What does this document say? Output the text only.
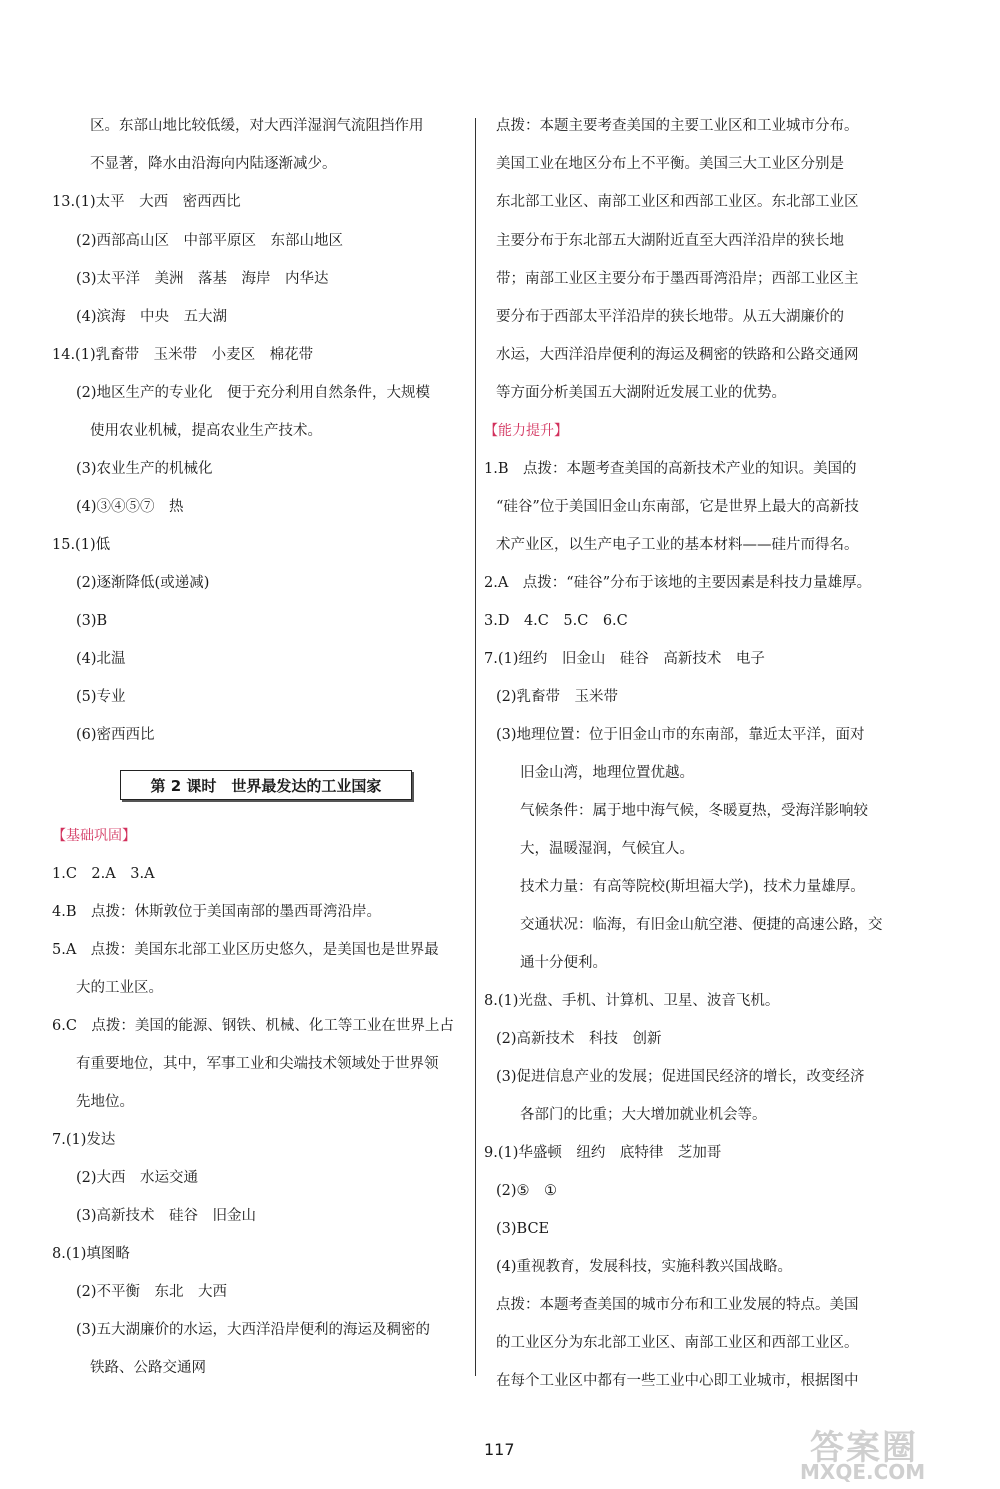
区。东部山地比较低缓，对大西洋湿润气流阻挡作用
不显著，降水由沿海向内陆逐渐减少。
13.(1)太平　大西　密西西比
(2)西部高山区　中部平原区　东部山地区
(3)太平洋　美洲　落基　海岸　内华达
(4)滨海　中央　五大湖
14.(1)乳畜带　玉米带　小麦区　棉花带
(2)地区生产的专业化　便于充分利用自然条件，大规模
使用农业机械，提高农业生产技术。
(3)农业生产的机械化
(4)③④⑤⑦　热
15.(1)低
(2)逐渐降低(或递减)
(3)B
(4)北温
(5)专业
(6)密西西比
第 2 课时　世界最发达的工业国家
【基础巩固】
1.C　2.A　3.A
4.B　点拨：休斯敦位于美国南部的墨西哥湾沿岸。
5.A　点拨：美国东北部工业区历史悠久，是美国也是世界最
大的工业区。
6.C　点拨：美国的能源、钢铁、机械、化工等工业在世界上占
有重要地位，其中，军事工业和尖端技术领域处于世界领
先地位。
7.(1)发达
(2)大西　水运交通
(3)高新技术　硅谷　旧金山
8.(1)填图略
(2)不平衡　东北　大西
(3)五大湖廉价的水运，大西洋沿岸便利的海运及稠密的
铁路、公路交通网
点拨：本题主要考查美国的主要工业区和工业城市分布。
美国工业在地区分布上不平衡。美国三大工业区分别是
东北部工业区、南部工业区和西部工业区。东北部工业区
主要分布于东北部五大湖附近直至大西洋沿岸的狭长地
带；南部工业区主要分布于墨西哥湾沿岸；西部工业区主
要分布于西部太平洋沿岸的狭长地带。从五大湖廉价的
水运，大西洋沿岸便利的海运及稠密的铁路和公路交通网
等方面分析美国五大湖附近发展工业的优势。
【能力提升】
1.B　点拨：本题考查美国的高新技术产业的知识。美国的
“硅谷”位于美国旧金山东南部，它是世界上最大的高新技
术产业区，以生产电子工业的基本材料——硅片而得名。
2.A　点拨：“硅谷”分布于该地的主要因素是科技力量雄厚。
3.D　4.C　5.C　6.C
7.(1)纽约　旧金山　硅谷　高新技术　电子
(2)乳畜带　玉米带
(3)地理位置：位于旧金山市的东南部，靠近太平洋，面对
旧金山湾，地理位置优越。
气候条件：属于地中海气候，冬暖夏热，受海洋影响较
大，温暖湿润，气候宜人。
技术力量：有高等院校(斯坦福大学)，技术力量雄厚。
交通状况：临海，有旧金山航空港、便捷的高速公路，交
通十分便利。
8.(1)光盘、手机、计算机、卫星、波音飞机。
(2)高新技术　科技　创新
(3)促进信息产业的发展；促进国民经济的增长，改变经济
各部门的比重；大大增加就业机会等。
9.(1)华盛顿　纽约　底特律　芝加哥
(2)⑤　①
(3)BCE
(4)重视教育，发展科技，实施科教兴国战略。
点拨：本题考查美国的城市分布和工业发展的特点。美国
的工业区分为东北部工业区、南部工业区和西部工业区。
在每个工业区中都有一些工业中心即工业城市，根据图中
117	答案圈
MXQE.COM
